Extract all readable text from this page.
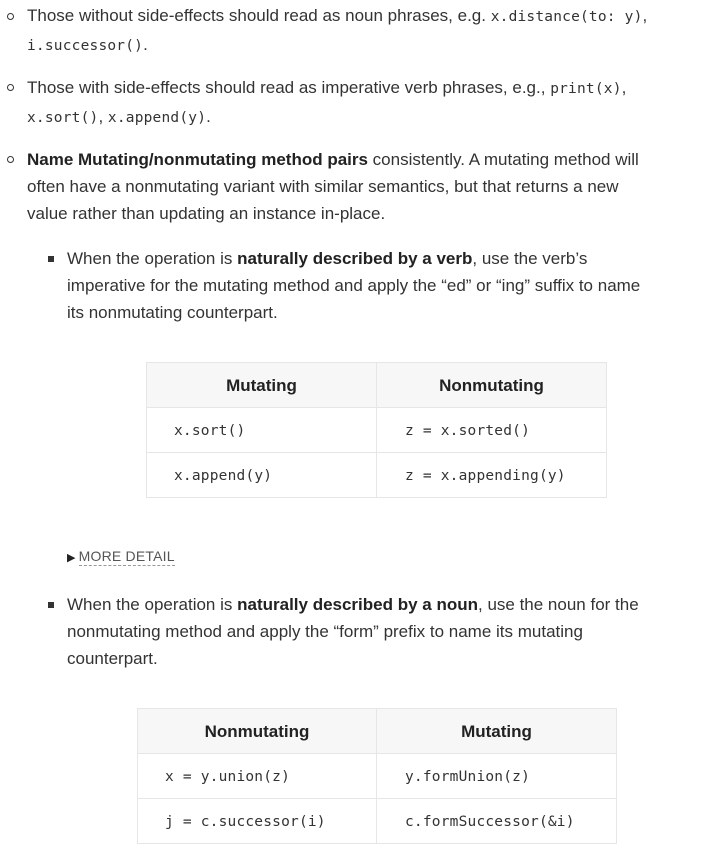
Those without side-effects should read as noun phrases, e.g. x.distance(to: y),
i.successor().
Those with side-effects should read as imperative verb phrases, e.g., print(x),
x.sort(), x.append(y).
Name Mutating/nonmutating method pairs consistently. A mutating method will
often have a nonmutating variant with similar semantics, but that returns a new
value rather than updating an instance in-place.
When the operation is naturally described by a verb, use the verb’s
imperative for the mutating method and apply the “ed” or “ing” suffix to name
its nonmutating counterpart.
Mutating	Nonmutating
x.sort()	z = x.sorted()
x.append(y)	z = x.appending(y)
▶ MORE DETAIL
When the operation is naturally described by a noun, use the noun for the
nonmutating method and apply the “form” prefix to name its mutating
counterpart.
Nonmutating	Mutating
x = y.union(z)	y.formUnion(z)
j = c.successor(i)	c.formSuccessor(&i)
